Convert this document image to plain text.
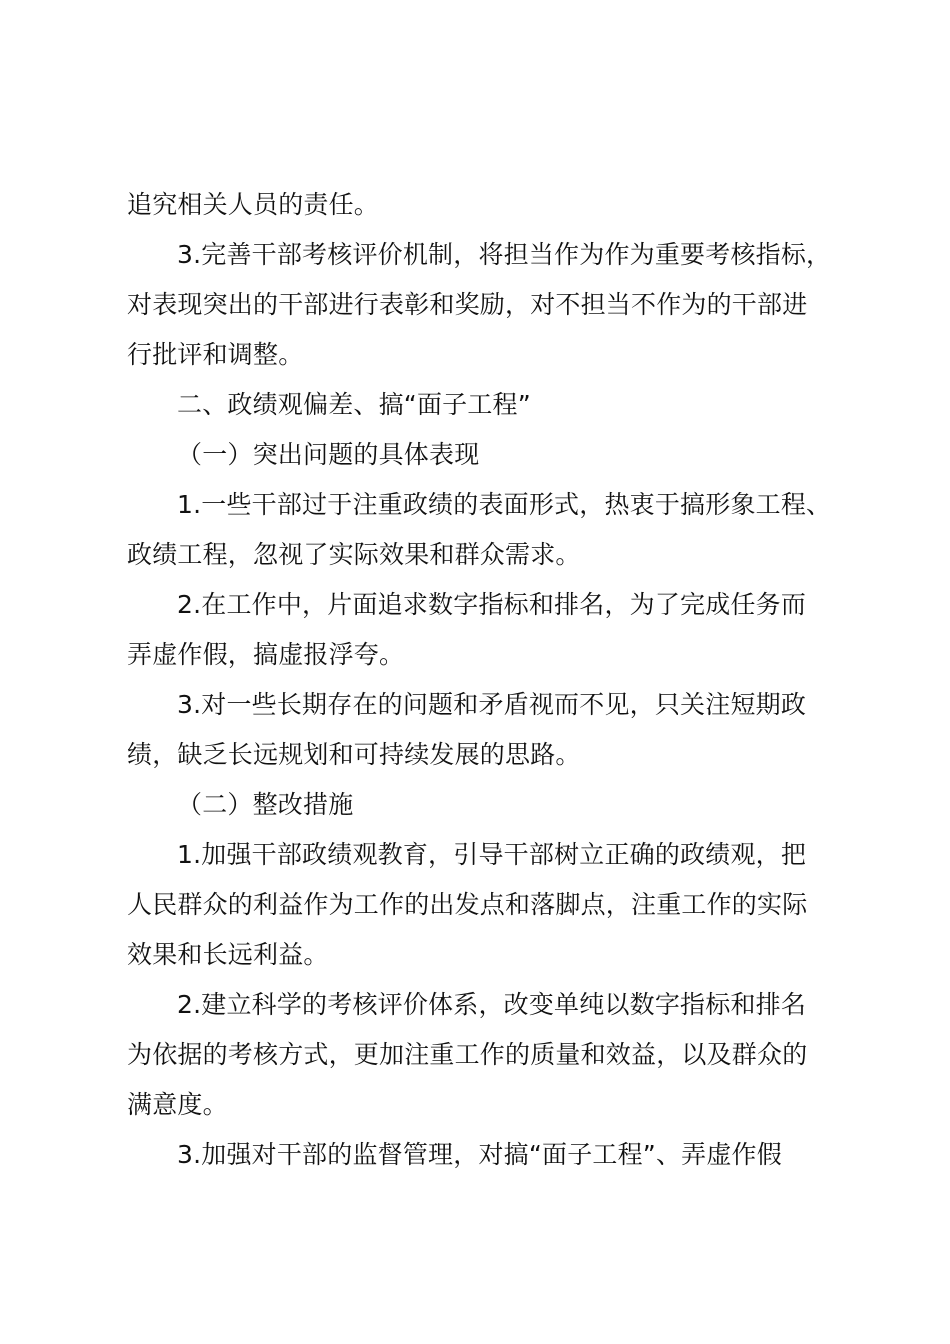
追究相关人员的责任。
3.完善干部考核评价机制，将担当作为作为重要考核指标，
对表现突出的干部进行表彰和奖励，对不担当不作为的干部进
行批评和调整。
二、政绩观偏差、搞“面子工程”
（一）突出问题的具体表现
1.一些干部过于注重政绩的表面形式，热衷于搞形象工程、
政绩工程，忽视了实际效果和群众需求。
2.在工作中，片面追求数字指标和排名，为了完成任务而
弄虚作假，搞虚报浮夸。
3.对一些长期存在的问题和矛盾视而不见，只关注短期政
绩，缺乏长远规划和可持续发展的思路。
（二）整改措施
1.加强干部政绩观教育，引导干部树立正确的政绩观，把
人民群众的利益作为工作的出发点和落脚点，注重工作的实际
效果和长远利益。
2.建立科学的考核评价体系，改变单纯以数字指标和排名
为依据的考核方式，更加注重工作的质量和效益，以及群众的
满意度。
3.加强对干部的监督管理，对搞“面子工程”、弄虚作假
